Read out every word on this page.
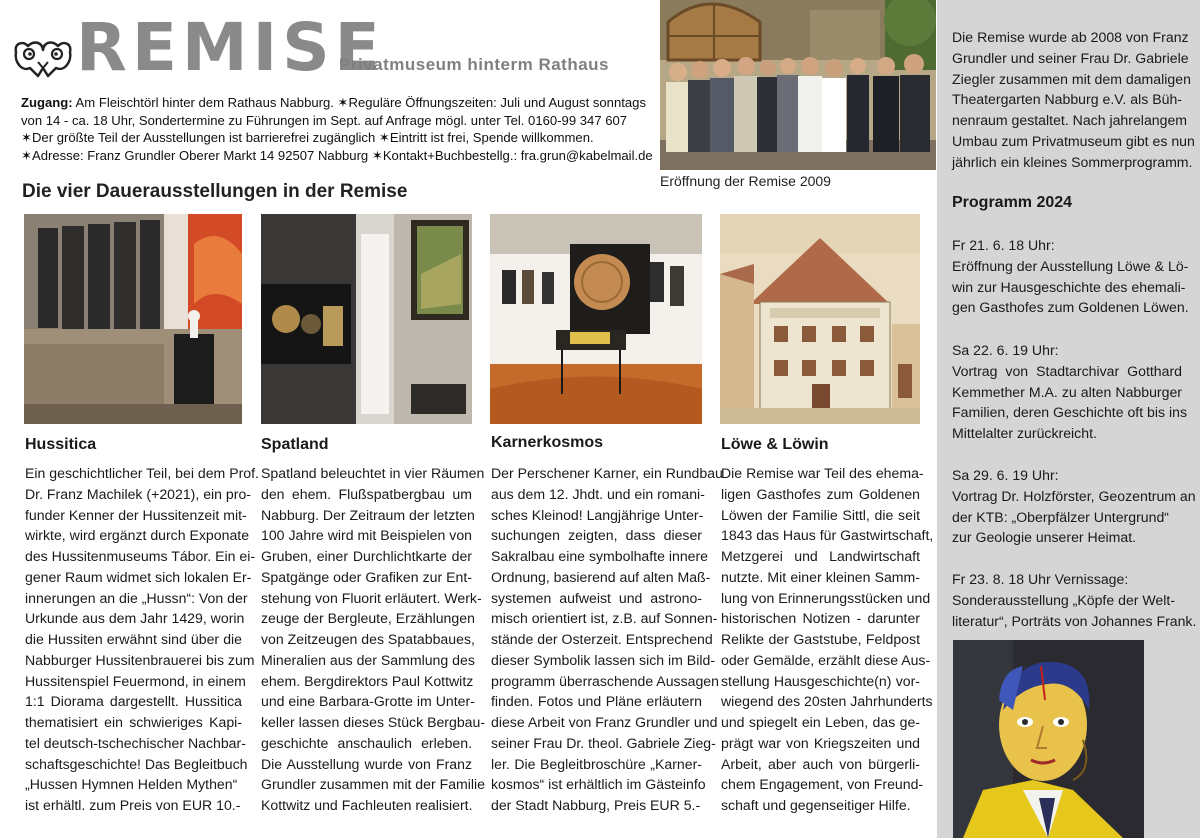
REMISE
Privatmuseum hinterm Rathaus
Zugang: Am Fleischtörl hinter dem Rathaus Nabburg. ✶Reguläre Öffnungszeiten: Juli und August sonntags
von 14 - ca. 18 Uhr, Sondertermine zu Führungen im Sept. auf Anfrage mögl. unter Tel. 0160-99 347 607
✶Der größte Teil der Ausstellungen ist barrierefrei zugänglich ✶Eintritt ist frei, Spende willkommen.
✶Adresse: Franz Grundler Oberer Markt 14 92507 Nabburg ✶Kontakt+Buchbestellg.: fra.grun@kabelmail.de
Die vier Dauerausstellungen in der Remise	Eröffnung der Remise 2009
Hussitica
Ein geschichtlicher Teil, bei dem Prof.
Dr. Franz Machilek (+2021), ein pro-
funder Kenner der Hussitenzeit mit-
wirkte, wird ergänzt durch Exponate
des Hussitenmuseums Tábor. Ein ei-
gener Raum widmet sich lokalen Er-
innerungen an die „Hussn“: Von der
Urkunde aus dem Jahr 1429, worin
die Hussiten erwähnt sind über die
Nabburger Hussitenbrauerei bis zum
Hussitenspiel Feuermond, in einem
1:1 Diorama dargestellt. Hussitica
thematisiert ein schwieriges Kapi-
tel deutsch-tschechischer Nachbar-
schaftsgeschichte! Das Begleitbuch
„Hussen Hymnen Helden Mythen“
ist erhältl. zum Preis von EUR 10.-
Spatland
Spatland beleuchtet in vier Räumen
den ehem. Flußspatbergbau um
Nabburg. Der Zeitraum der letzten
100 Jahre wird mit Beispielen von
Gruben, einer Durchlichtkarte der
Spatgänge oder Grafiken zur Ent-
stehung von Fluorit erläutert. Werk-
zeuge der Bergleute, Erzählungen
von Zeitzeugen des Spatabbaues,
Mineralien aus der Sammlung des
ehem. Bergdirektors Paul Kottwitz
und eine Barbara-Grotte im Unter-
keller lassen dieses Stück Bergbau-
geschichte anschaulich erleben.
Die Ausstellung wurde von Franz
Grundler zusammen mit der Familie
Kottwitz und Fachleuten realisiert.
Karnerkosmos
Der Perschener Karner, ein Rundbau
aus dem 12. Jhdt. und ein romani-
sches Kleinod! Langjährige Unter-
suchungen zeigten, dass dieser
Sakralbau eine symbolhafte innere
Ordnung, basierend auf alten Maß-
systemen aufweist und astrono-
misch orientiert ist, z.B. auf Sonnen-
stände der Osterzeit. Entsprechend
dieser Symbolik lassen sich im Bild-
programm überraschende Aussagen
finden. Fotos und Pläne erläutern
diese Arbeit von Franz Grundler und
seiner Frau Dr. theol. Gabriele Zieg-
ler. Die Begleitbroschüre „Karner-
kosmos“ ist erhältlich im Gästeinfo
der Stadt Nabburg, Preis EUR 5.-
Löwe & Löwin
Die Remise war Teil des ehema-
ligen Gasthofes zum Goldenen
Löwen der Familie Sittl, die seit
1843 das Haus für Gastwirtschaft,
Metzgerei und Landwirtschaft
nutzte. Mit einer kleinen Samm-
lung von Erinnerungsstücken und
historischen Notizen - darunter
Relikte der Gaststube, Feldpost
oder Gemälde, erzählt diese Aus-
stellung Hausgeschichte(n) vor-
wiegend des 20sten Jahrhunderts
und spiegelt ein Leben, das ge-
prägt war von Kriegszeiten und
Arbeit, aber auch von bürgerli-
chem Engagement, von Freund-
schaft und gegenseitiger Hilfe.
Die Remise wurde ab 2008 von Franz
Grundler und seiner Frau Dr. Gabriele
Ziegler zusammen mit dem damaligen
Theatergarten Nabburg e.V. als Büh-
nenraum gestaltet. Nach jahrelangem
Umbau zum Privatmuseum gibt es nun
jährlich ein kleines Sommerprogramm.
Programm 2024
Fr 21. 6. 18 Uhr:
Eröffnung der Ausstellung Löwe & Lö-
win zur Hausgeschichte des ehemali-
gen Gasthofes zum Goldenen Löwen.
Sa 22. 6. 19 Uhr:
Vortrag von Stadtarchivar Gotthard
Kemmether M.A. zu alten Nabburger
Familien, deren Geschichte oft bis ins
Mittelalter zurückreicht.
Sa 29. 6. 19 Uhr:
Vortrag Dr. Holzförster, Geozentrum an
der KTB: „Oberpfälzer Untergrund“
zur Geologie unserer Heimat.
Fr 23. 8. 18 Uhr Vernissage:
Sonderausstellung „Köpfe der Welt-
literatur“, Porträts von Johannes Frank.
